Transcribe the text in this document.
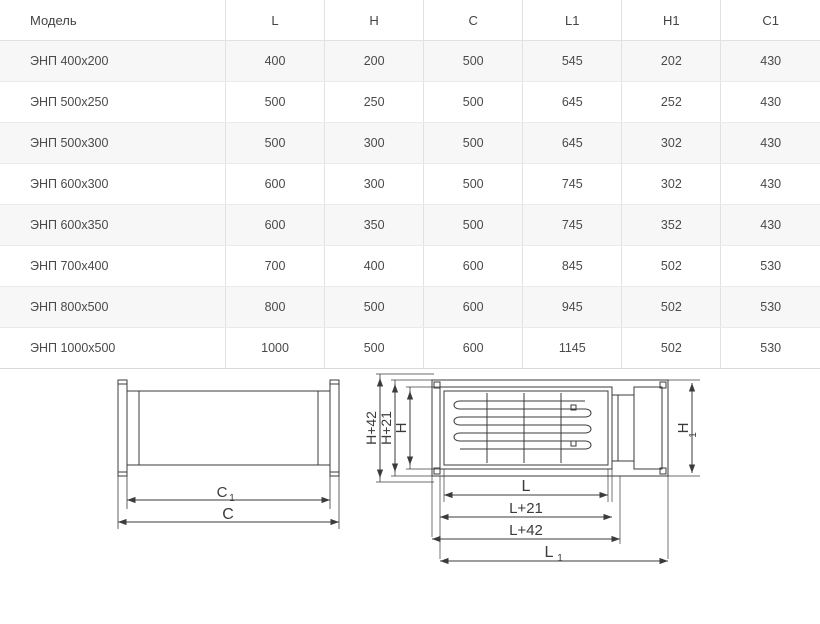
Модель	L	H	C	L1	H1	C1
ЭНП 400х200	400	200	500	545	202	430
ЭНП 500х250	500	250	500	645	252	430
ЭНП 500х300	500	300	500	645	302	430
ЭНП 600х300	600	300	500	745	302	430
ЭНП 600х350	600	350	500	745	352	430
ЭНП 700х400	700	400	600	845	502	530
ЭНП 800х500	800	500	600	945	502	530
ЭНП 1000х500	1000	500	600	1145	502	530
C 1
C
H+42 H+21 H	H
1
L
L+21
L+42
L 1
